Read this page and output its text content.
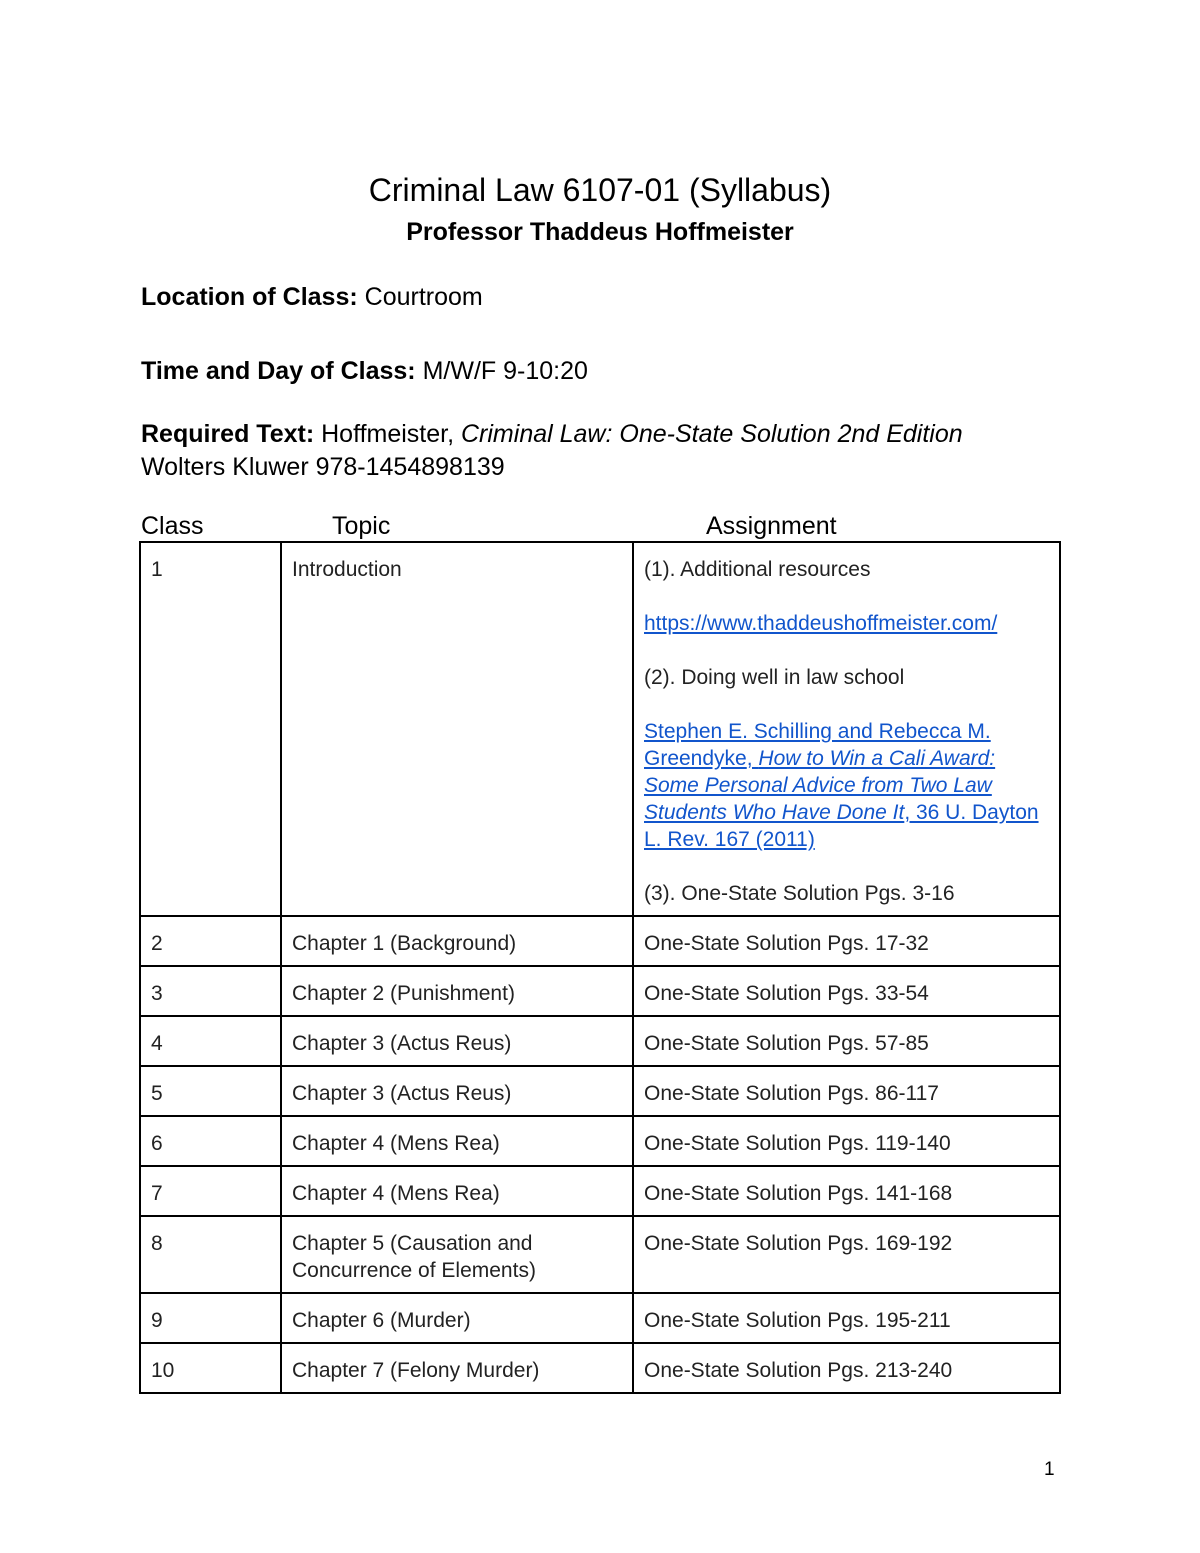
Criminal Law 6107-01 (Syllabus)
Professor Thaddeus Hoffmeister
Location of Class: Courtroom
Time and Day of Class: M/W/F 9-10:20
Required Text: Hoffmeister, Criminal Law: One-State Solution 2nd Edition
Wolters Kluwer 978-1454898139
Class	Topic	Assignment
1	Introduction	(1). Additional resources

https://www.thaddeushoffmeister.com/

(2). Doing well in law school

Stephen E. Schilling and Rebecca M. Greendyke, How to Win a Cali Award: Some Personal Advice from Two Law Students Who Have Done It, 36 U. Dayton L. Rev. 167 (2011)

(3). One-State Solution Pgs. 3-16

2	Chapter 1 (Background)	One-State Solution Pgs. 17-32
3	Chapter 2 (Punishment)	One-State Solution Pgs. 33-54
4	Chapter 3 (Actus Reus)	One-State Solution Pgs. 57-85
5	Chapter 3 (Actus Reus)	One-State Solution Pgs. 86-117
6	Chapter 4 (Mens Rea)	One-State Solution Pgs. 119-140
7	Chapter 4 (Mens Rea)	One-State Solution Pgs. 141-168
8	Chapter 5 (Causation and Concurrence of Elements)	One-State Solution Pgs. 169-192
9	Chapter 6 (Murder)	One-State Solution Pgs. 195-211
10	Chapter 7 (Felony Murder)	One-State Solution Pgs. 213-240
1
